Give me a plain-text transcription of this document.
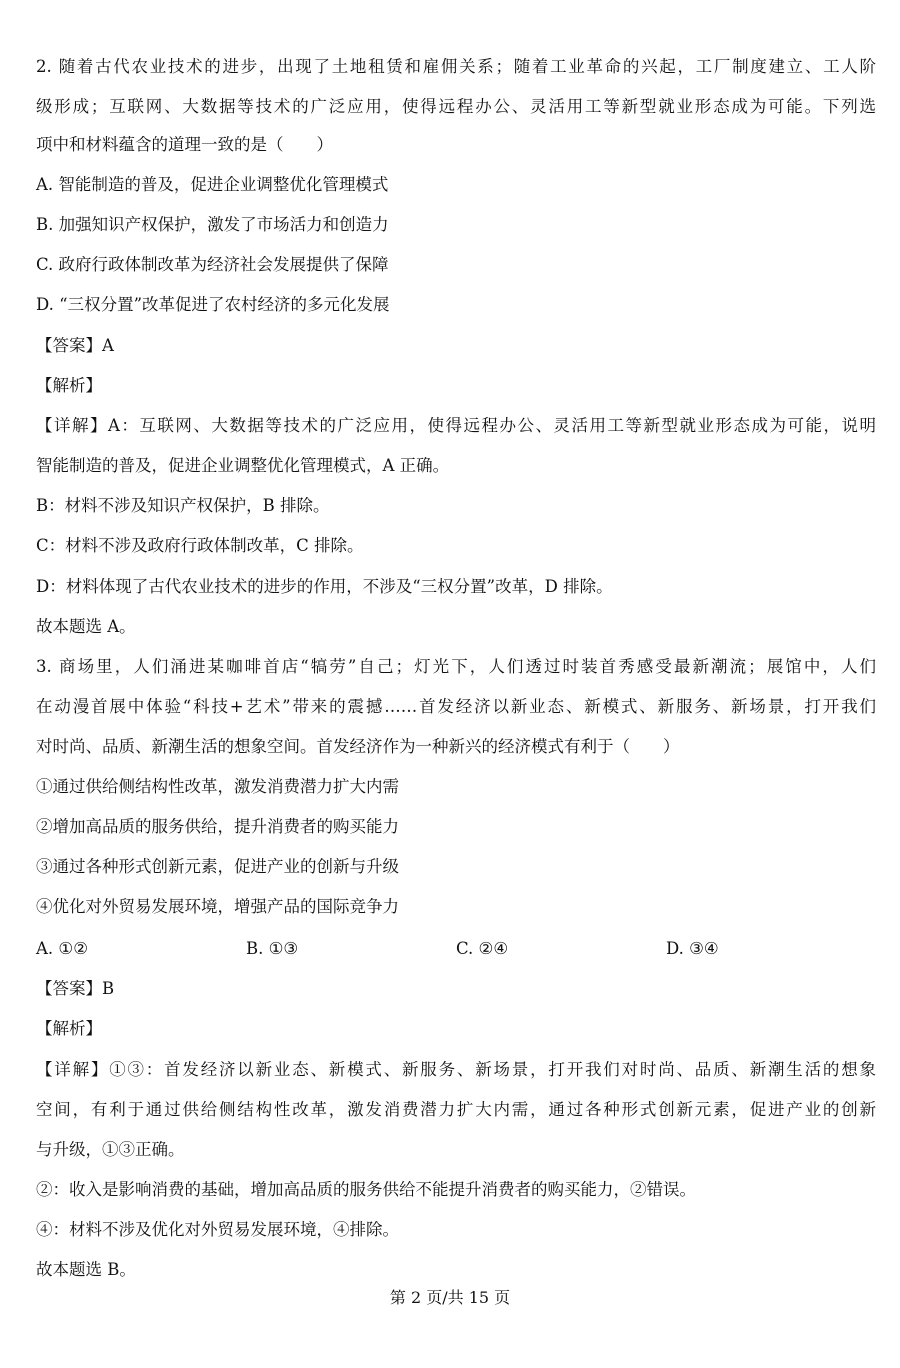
2. 随着古代农业技术的进步，出现了土地租赁和雇佣关系；随着工业革命的兴起，工厂制度建立、工人阶
级形成；互联网、大数据等技术的广泛应用，使得远程办公、灵活用工等新型就业形态成为可能。下列选
项中和材料蕴含的道理一致的是（　　）
A. 智能制造的普及，促进企业调整优化管理模式
B. 加强知识产权保护，激发了市场活力和创造力
C. 政府行政体制改革为经济社会发展提供了保障
D. “三权分置”改革促进了农村经济的多元化发展
【答案】A
【解析】
【详解】A：互联网、大数据等技术的广泛应用，使得远程办公、灵活用工等新型就业形态成为可能，说明
智能制造的普及，促进企业调整优化管理模式，A 正确。
B：材料不涉及知识产权保护，B 排除。
C：材料不涉及政府行政体制改革，C 排除。
D：材料体现了古代农业技术的进步的作用，不涉及“三权分置”改革，D 排除。
故本题选 A。
3. 商场里，人们涌进某咖啡首店“犒劳”自己；灯光下，人们透过时装首秀感受最新潮流；展馆中，人们
在动漫首展中体验“科技+艺术”带来的震撼……首发经济以新业态、新模式、新服务、新场景，打开我们
对时尚、品质、新潮生活的想象空间。首发经济作为一种新兴的经济模式有利于（　　）
①通过供给侧结构性改革，激发消费潜力扩大内需
②增加高品质的服务供给，提升消费者的购买能力
③通过各种形式创新元素，促进产业的创新与升级
④优化对外贸易发展环境，增强产品的国际竞争力
A. ①②	B. ①③	C. ②④	D. ③④
【答案】B
【解析】
【详解】①③：首发经济以新业态、新模式、新服务、新场景，打开我们对时尚、品质、新潮生活的想象
空间，有利于通过供给侧结构性改革，激发消费潜力扩大内需，通过各种形式创新元素，促进产业的创新
与升级，①③正确。
②：收入是影响消费的基础，增加高品质的服务供给不能提升消费者的购买能力，②错误。
④：材料不涉及优化对外贸易发展环境，④排除。
故本题选 B。
第 2 页/共 15 页
